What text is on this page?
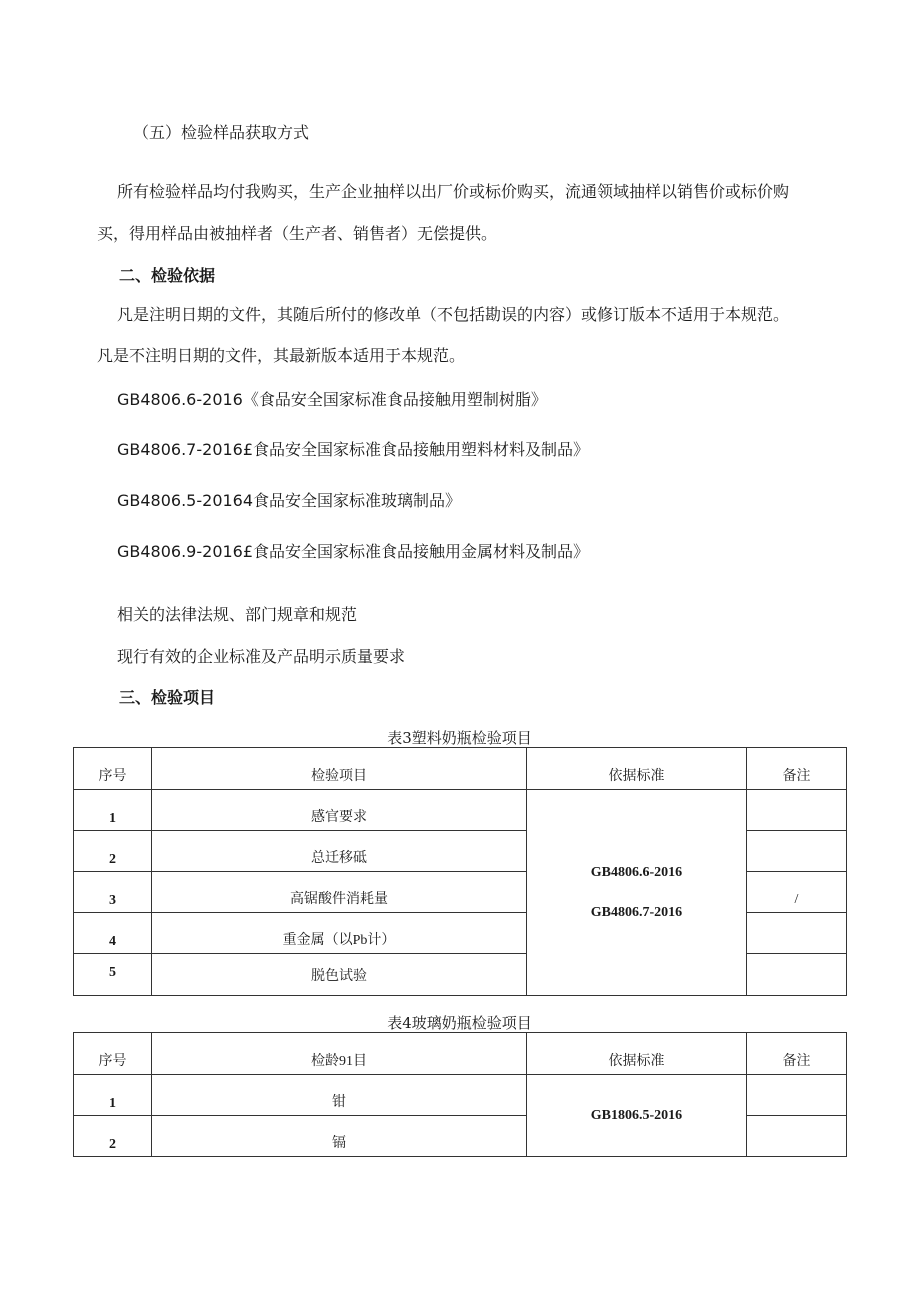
（五）检验样品获取方式
所有检验样品均付我购买，生产企业抽样以出厂价或标价购买，流通领域抽样以销售价或标价购
买，得用样品由被抽样者（生产者、销售者）无偿提供。
二、检验依据
凡是注明日期的文件，其随后所付的修改单（不包括勘误的内容）或修订版本不适用于本规范。
凡是不注明日期的文件，其最新版本适用于本规范。
GB4806.6-2016《食品安全国家标准食品接触用塑制树脂》
GB4806.7-2016£食品安全国家标准食品接触用塑料材料及制品》
GB4806.5-20164食品安全国家标准玻璃制品》
GB4806.9-2016£食品安全国家标准食品接触用金属材料及制品》
相关的法律法规、部门规章和规范
现行有效的企业标准及产品明示质量要求
三、检验项目
表3塑料奶瓶检验项目
序号	检验项目	依据标准	备注
1	感官要求	GB4806.6-2016
GB4806.7-2016	

2	总迁移砥		
3	高锯酸件消耗量		/
4	重金属（以Pb计）		
5	脱色试验		
表4玻璃奶瓶检验项目
序号	检龄91目	依据标准	备注
1	钳	GB1806.5-2016	
2	镉		
